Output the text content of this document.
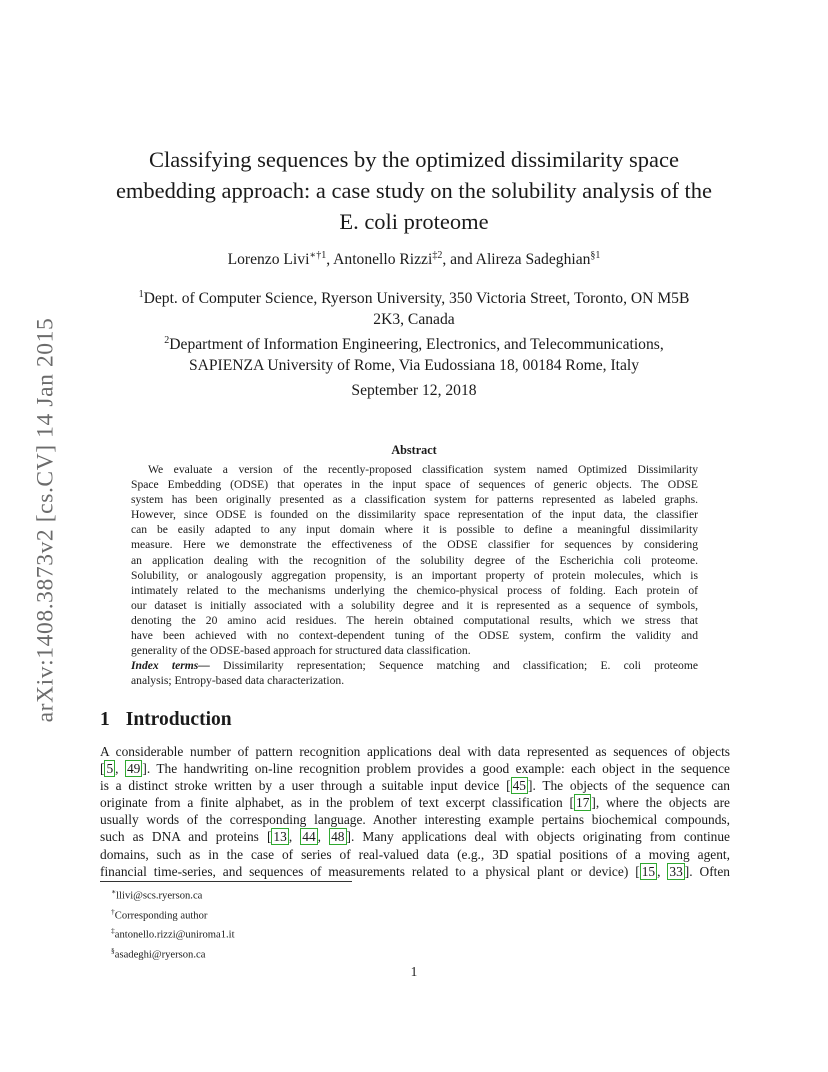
arXiv:1408.3873v2 [cs.CV] 14 Jan 2015
Classifying sequences by the optimized dissimilarity space
embedding approach: a case study on the solubility analysis of the
E. coli proteome
Lorenzo Livi$^{∗\dagger 1}$, Antonello Rizzi$^{\ddagger 2}$, and Alireza Sadeghian$^{\S 1}$
$^1$Dept. of Computer Science, Ryerson University, 350 Victoria Street, Toronto, ON M5B
2K3, Canada
$^2$Department of Information Engineering, Electronics, and Telecommunications,
SAPIENZA University of Rome, Via Eudossiana 18, 00184 Rome, Italy
September 12, 2018
Abstract
We evaluate a version of the recently-proposed classification system named Optimized Dissimilarity
Space Embedding (ODSE) that operates in the input space of sequences of generic objects. The ODSE
system has been originally presented as a classification system for patterns represented as labeled graphs.
However, since ODSE is founded on the dissimilarity space representation of the input data, the classifier
can be easily adapted to any input domain where it is possible to define a meaningful dissimilarity
measure. Here we demonstrate the effectiveness of the ODSE classifier for sequences by considering
an application dealing with the recognition of the solubility degree of the Escherichia coli proteome.
Solubility, or analogously aggregation propensity, is an important property of protein molecules, which is
intimately related to the mechanisms underlying the chemico-physical process of folding. Each protein of
our dataset is initially associated with a solubility degree and it is represented as a sequence of symbols,
denoting the 20 amino acid residues. The herein obtained computational results, which we stress that
have been achieved with no context-dependent tuning of the ODSE system, confirm the validity and
generality of the ODSE-based approach for structured data classification.
Index terms— Dissimilarity representation; Sequence matching and classification; E. coli proteome
analysis; Entropy-based data characterization.
1 Introduction
A considerable number of pattern recognition applications deal with data represented as sequences of objects
[ 5 , 49 ]. The handwriting on-line recognition problem provides a good example: each object in the sequence
is a distinct stroke written by a user through a suitable input device [ 45 ]. The objects of the sequence can
originate from a finite alphabet, as in the problem of text excerpt classification [ 17 ], where the objects are
usually words of the corresponding language. Another interesting example pertains biochemical compounds,
such as DNA and proteins [ 13 , 44 , 48 ]. Many applications deal with objects originating from continue
domains, such as in the case of series of real-valued data (e.g., 3D spatial positions of a moving agent,
financial time-series, and sequences of measurements related to a physical plant or device) [ 15 , 33 ]. Often
∗llivi@scs.ryerson.ca
†Corresponding author
‡antonello.rizzi@uniroma1.it
§asadeghi@ryerson.ca
1
